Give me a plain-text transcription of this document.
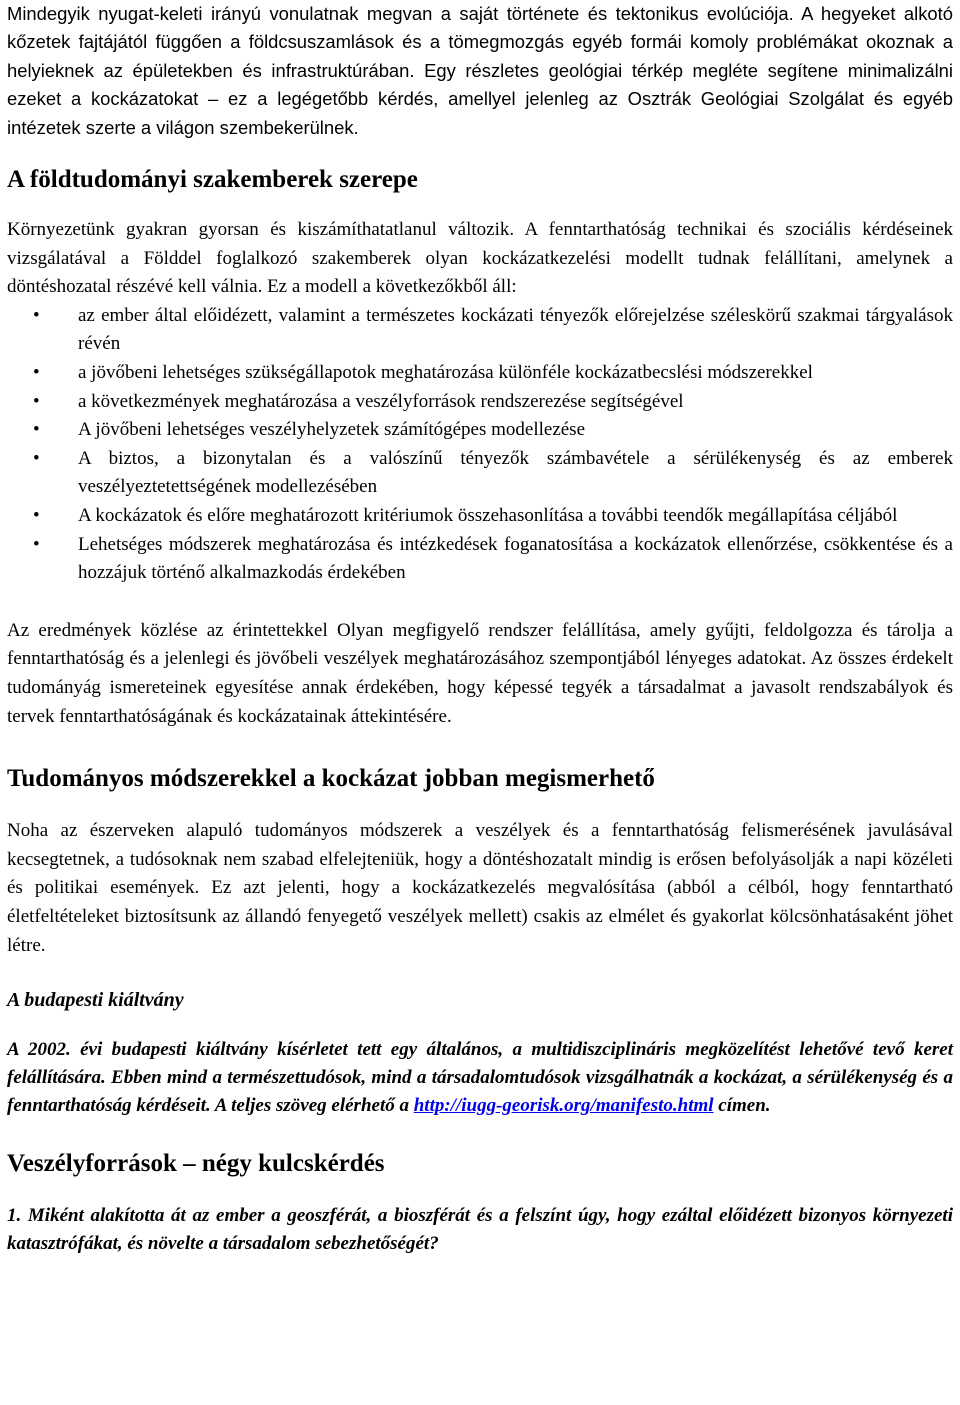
Mindegyik nyugat-keleti irányú vonulatnak megvan a saját története és tektonikus evolúciója. A hegyeket alkotó kőzetek fajtájától függően a földcsuszamlások és a tömegmozgás egyéb formái komoly problémákat okoznak a helyieknek az épületekben és infrastruktúrában. Egy részletes geológiai térkép megléte segítene minimalizálni ezeket a kockázatokat – ez a legégetőbb kérdés, amellyel jelenleg az Osztrák Geológiai Szolgálat és egyéb intézetek szerte a világon szembekerülnek.

A földtudományi szakemberek szerepe

Környezetünk gyakran gyorsan és kiszámíthatatlanul változik. A fenntarthatóság technikai és szociális kérdéseinek vizsgálatával a Földdel foglalkozó szakemberek olyan kockázatkezelési modellt tudnak felállítani, amelynek a döntéshozatal részévé kell válnia. Ez a modell a következőkből áll:

• az ember által előidézett, valamint a természetes kockázati tényezők előrejelzése széleskörű szakmai tárgyalások révén
• a jövőbeni lehetséges szükségállapotok meghatározása különféle kockázatbecslési módszerekkel
• a következmények meghatározása a veszélyforrások rendszerezése segítségével
• A jövőbeni lehetséges veszélyhelyzetek számítógépes modellezése
• A biztos, a bizonytalan és a valószínű tényezők számbavétele a sérülékenység és az emberek veszélyeztetettségének modellezésében
• A kockázatok és előre meghatározott kritériumok összehasonlítása a további teendők megállapítása céljából
• Lehetséges módszerek meghatározása és intézkedések foganatosítása a kockázatok ellenőrzése, csökkentése és a hozzájuk történő alkalmazkodás érdekében

Az eredmények közlése az érintettekkel Olyan megfigyelő rendszer felállítása, amely gyűjti, feldolgozza és tárolja a fenntarthatóság és a jelenlegi és jövőbeli veszélyek meghatározásához szempontjából lényeges adatokat. Az összes érdekelt tudományág ismereteinek egyesítése annak érdekében, hogy képessé tegyék a társadalmat a javasolt rendszabályok és tervek fenntarthatóságának és kockázatainak áttekintésére.

Tudományos módszerekkel a kockázat jobban megismerhető

Noha az észerveken alapuló tudományos módszerek a veszélyek és a fenntarthatóság felismerésének javulásával kecsegtetnek, a tudósoknak nem szabad elfelejteniük, hogy a döntéshozatalt mindig is erősen befolyásolják a napi közéleti és politikai események. Ez azt jelenti, hogy a kockázatkezelés megvalósítása (abból a célból, hogy fenntartható életfeltételeket biztosítsunk az állandó fenyegető veszélyek mellett) csakis az elmélet és gyakorlat kölcsönhatásaként jöhet létre.

A budapesti kiáltvány

A 2002. évi budapesti kiáltvány kísérletet tett egy általános, a multidiszciplináris megközelítést lehetővé tevő keret felállítására. Ebben mind a természettudósok, mind a társadalomtudósok vizsgálhatnák a kockázat, a sérülékenység és a fenntarthatóság kérdéseit. A teljes szöveg elérhető a http://iugg-georisk.org/manifesto.html címen.

Veszélyforrások – négy kulcskérdés

1. Miként alakította át az ember a geoszférát, a bioszférát és a felszínt úgy, hogy ezáltal előidézett bizonyos környezeti katasztrófákat, és növelte a társadalom sebezhetőségét?
